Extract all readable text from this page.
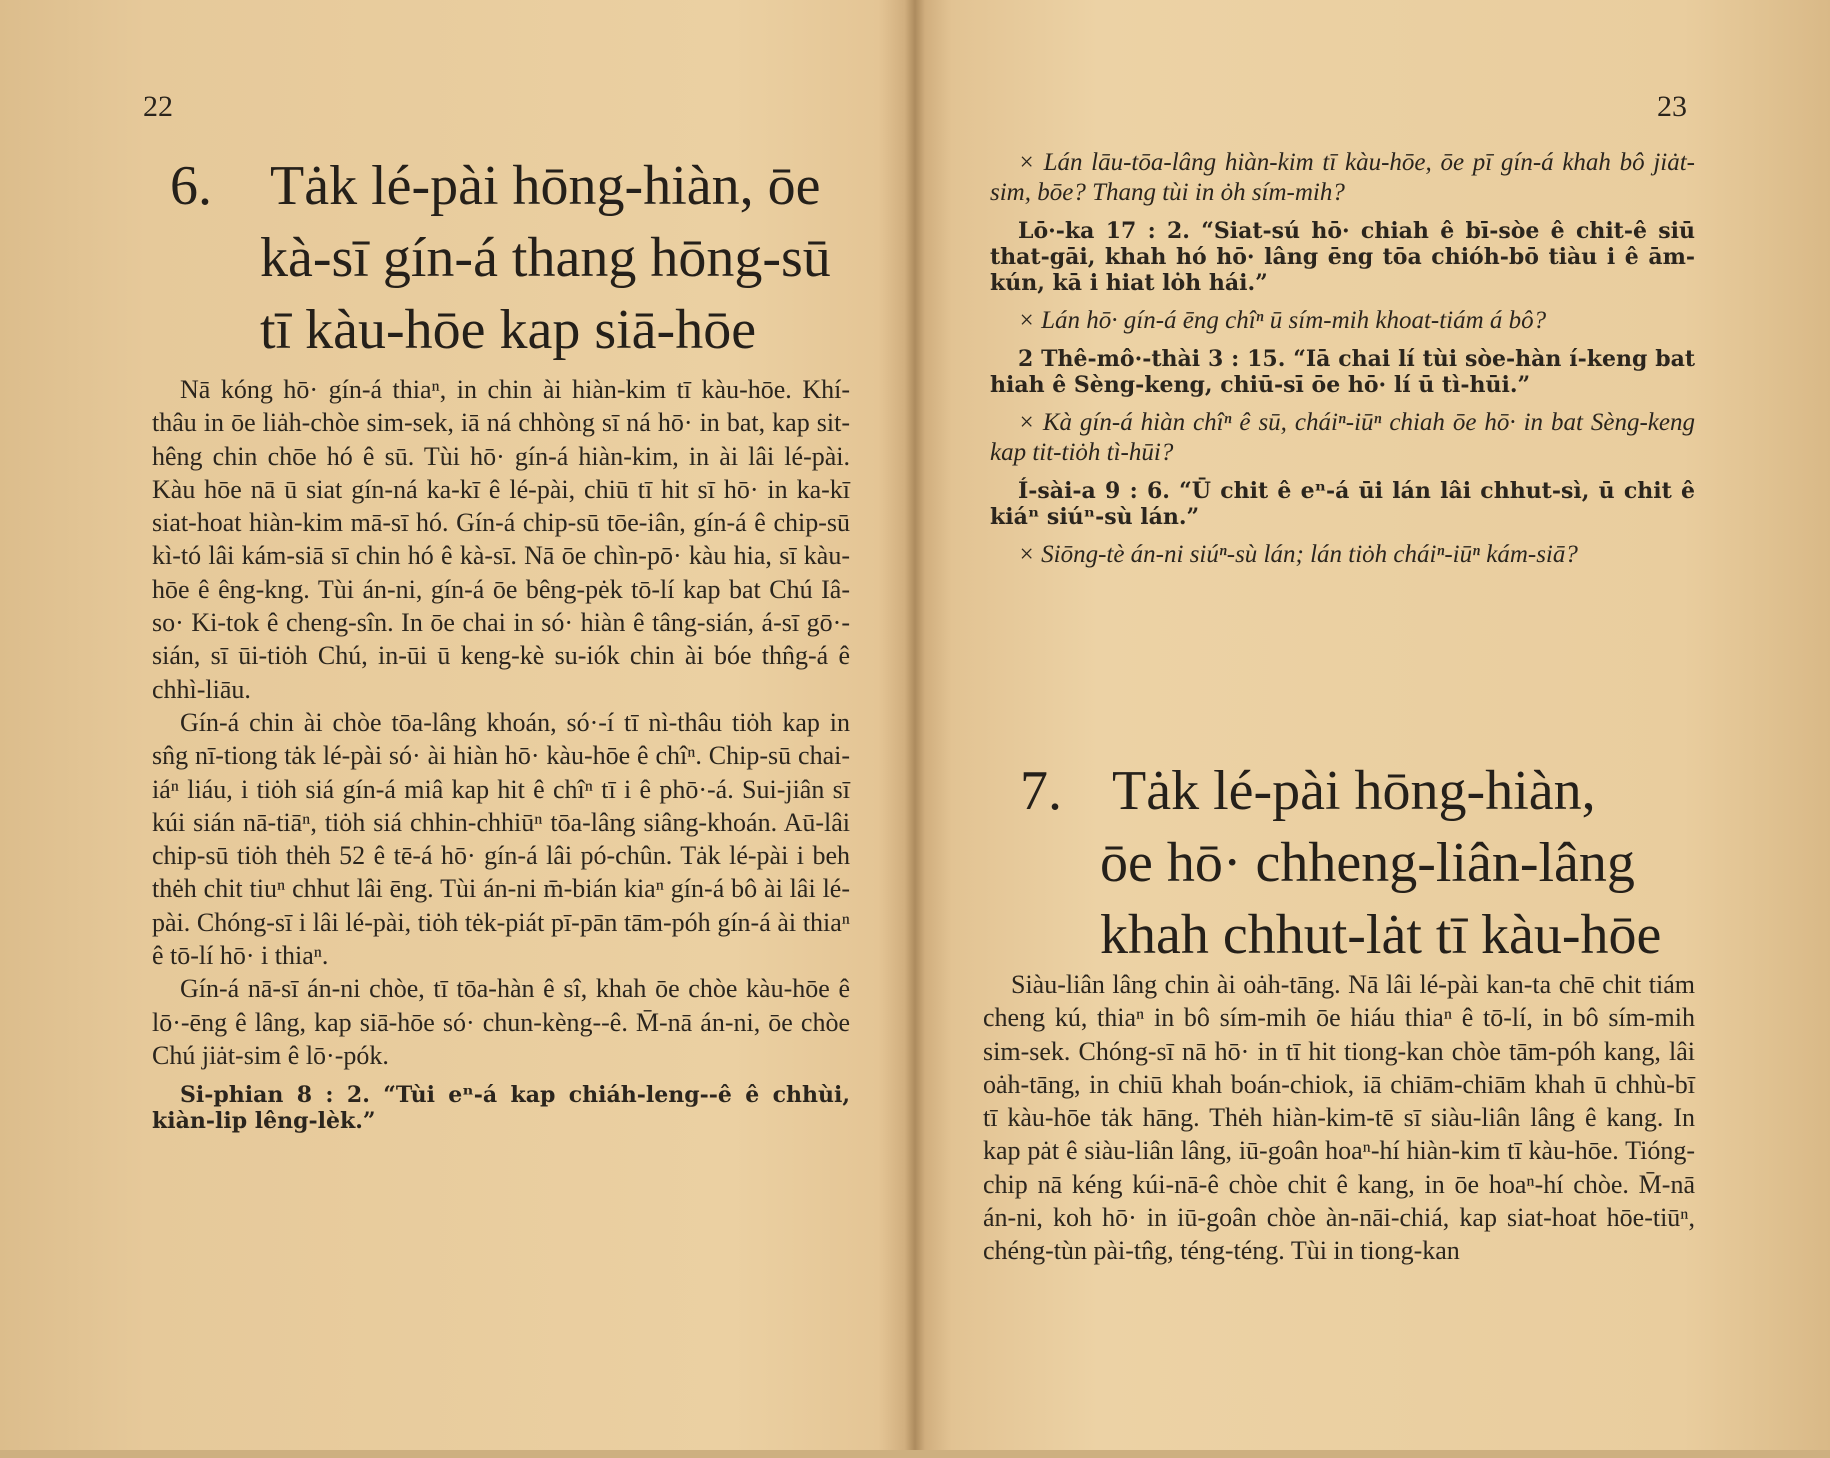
22
6.	Tȧk lé-pài hōng-hiàn, ōe
kà-sī gín-á thang hōng-sū
tī kàu-hōe kap siā-hōe

Nā kóng hō· gín-á thiaⁿ, in chin ài hiàn-kim tī kàu-hōe. Khí-thâu in ōe liȧh-chòe sim-sek, iā ná chhòng sī ná hō· in bat, kap sit-hêng chin chōe hó ê sū. Tùi hō· gín-á hiàn-kim, in ài lâi lé-pài. Kàu hōe nā ū siat gín-ná ka-kī ê lé-pài, chiū tī hit sī hō· in ka-kī siat-hoat hiàn-kim mā-sī hó. Gín-á chip-sū tōe-iân, gín-á ê chip-sū kì-tó lâi kám-siā sī chin hó ê kà-sī. Nā ōe chìn-pō· kàu hia, sī kàu-hōe ê êng-kng. Tùi án-ni, gín-á ōe bêng-pėk tō-lí kap bat Chú Iâ-so· Ki-tok ê cheng-sîn. In ōe chai in só· hiàn ê tâng-sián, á-sī gō·-sián, sī ūi-tiȯh Chú, in-ūi ū keng-kè su-iók chin ài bóe thn̂g-á ê chhì-liāu.

Gín-á chin ài chòe tōa-lâng khoán, só·-í tī nì-thâu tiȯh kap in sn̂g nī-tiong tȧk lé-pài só· ài hiàn hō· kàu-hōe ê chîⁿ. Chip-sū chai-iáⁿ liáu, i tiȯh siá gín-á miâ kap hit ê chîⁿ tī i ê phō·-á. Sui-jiân sī kúi sián nā-tiāⁿ, tiȯh siá chhin-chhiūⁿ tōa-lâng siâng-khoán. Aū-lâi chip-sū tiȯh thėh 52 ê tē-á hō· gín-á lâi pó-chûn. Tȧk lé-pài i beh thėh chit tiuⁿ chhut lâi ēng. Tùi án-ni m̄-bián kiaⁿ gín-á bô ài lâi lé-pài. Chóng-sī i lâi lé-pài, tiȯh tėk-piát pī-pān tām-póh gín-á ài thiaⁿ ê tō-lí hō· i thiaⁿ.

Gín-á nā-sī án-ni chòe, tī tōa-hàn ê sî, khah ōe chòe kàu-hōe ê lō·-ēng ê lâng, kap siā-hōe só· chun-kèng--ê. M̄-nā án-ni, ōe chòe Chú jiȧt-sim ê lō·-pók.

Si-phian 8 : 2. “Tùi eⁿ-á kap chiáh-leng--ê ê chhùi, kiàn-lip lêng-lèk.”

23

× Lán lāu-tōa-lâng hiàn-kim tī kàu-hōe, ōe pī gín-á khah bô jiȧt-sim, bōe? Thang tùi in ȯh sím-mih?

Lō·-ka 17 : 2. “Siat-sú hō· chiah ê bī-sòe ê chit-ê siū that-gāi, khah hó hō· lâng ēng tōa chióh-bō tiàu i ê ām-kún, kā i hiat lȯh hái.”

× Lán hō· gín-á ēng chîⁿ ū sím-mih khoat-tiám á bô?

2 Thê-mô·-thài 3 : 15. “Iā chai lí tùi sòe-hàn í-keng bat hiah ê Sèng-keng, chiū-sī ōe hō· lí ū tì-hūi.”

× Kà gín-á hiàn chîⁿ ê sū, cháiⁿ-iūⁿ chiah ōe hō· in bat Sèng-keng kap tit-tiȯh tì-hūi?

Í-sài-a 9 : 6. “Ū chit ê eⁿ-á ūi lán lâi chhut-sì, ū chit ê kiáⁿ siúⁿ-sù lán.”

× Siōng-tè án-ni siúⁿ-sù lán; lán tiȯh cháiⁿ-iūⁿ kám-siā?

7. Tȧk lé-pài hōng-hiàn,
ōe hō· chheng-liân-lâng
khah chhut-lȧt tī kàu-hōe

Siàu-liân lâng chin ài oȧh-tāng. Nā lâi lé-pài kan-ta chē chit tiám cheng kú, thiaⁿ in bô sím-mih ōe hiáu thiaⁿ ê tō-lí, in bô sím-mih sim-sek. Chóng-sī nā hō· in tī hit tiong-kan chòe tām-póh kang, lâi oȧh-tāng, in chiū khah boán-chiok, iā chiām-chiām khah ū chhù-bī tī kàu-hōe tȧk hāng. Thėh hiàn-kim-tē sī siàu-liân lâng ê kang. In kap pȧt ê siàu-liân lâng, iū-goân hoaⁿ-hí hiàn-kim tī kàu-hōe. Tióng-chip nā kéng kúi-nā-ê chòe chit ê kang, in ōe hoaⁿ-hí chòe. M̄-nā án-ni, koh hō· in iū-goân chòe àn-nāi-chiá, kap siat-hoat hōe-tiūⁿ, chéng-tùn pài-tn̂g, téng-téng. Tùi in tiong-kan
